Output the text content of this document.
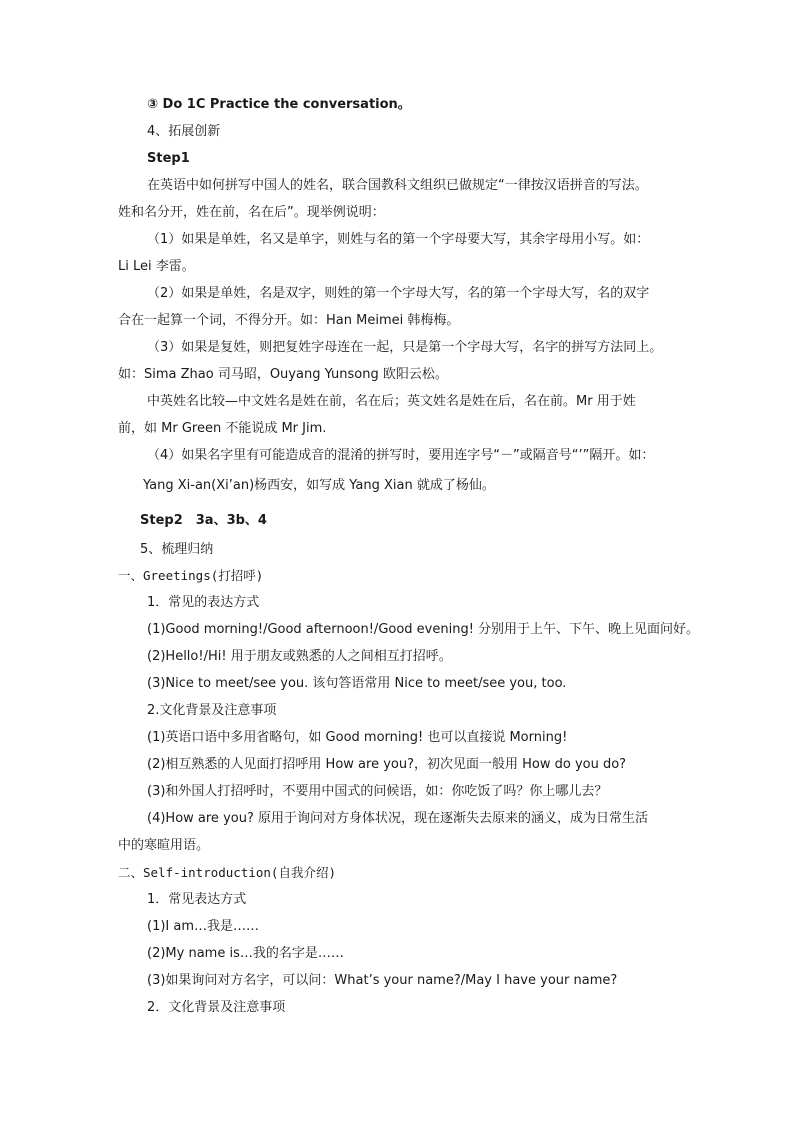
③ Do 1C Practice the conversation。
4、拓展创新
Step1
在英语中如何拼写中国人的姓名，联合国教科文组织已做规定“一律按汉语拼音的写法。
姓和名分开，姓在前，名在后”。现举例说明：
（1）如果是单姓，名又是单字，则姓与名的第一个字母要大写，其余字母用小写。如：
Li Lei 李雷。
（2）如果是单姓，名是双字，则姓的第一个字母大写，名的第一个字母大写，名的双字
合在一起算一个词，不得分开。如：Han Meimei 韩梅梅。
（3）如果是复姓，则把复姓字母连在一起，只是第一个字母大写，名字的拼写方法同上。
如：Sima Zhao 司马昭，Ouyang Yunsong 欧阳云松。
中英姓名比较—中文姓名是姓在前，名在后；英文姓名是姓在后，名在前。Mr 用于姓
前，如 Mr Green 不能说成 Mr Jim.
（4）如果名字里有可能造成音的混淆的拼写时，要用连字号“－”或隔音号“’”隔开。如：
Yang Xi-an(Xi’an)杨西安，如写成 Yang Xian 就成了杨仙。
Step2　3a、3b、4
5、梳理归纳
一、Greetings(打招呼)
1．常见的表达方式
(1)Good morning!/Good afternoon!/Good evening! 分别用于上午、下午、晚上见面问好。
(2)Hello!/Hi! 用于朋友或熟悉的人之间相互打招呼。
(3)Nice to meet/see you. 该句答语常用 Nice to meet/see you, too.
2.文化背景及注意事项
(1)英语口语中多用省略句，如 Good morning! 也可以直接说 Morning!
(2)相互熟悉的人见面打招呼用 How are you?，初次见面一般用 How do you do?
(3)和外国人打招呼时，不要用中国式的问候语，如：你吃饭了吗？你上哪儿去？
(4)How are you? 原用于询问对方身体状况，现在逐渐失去原来的涵义，成为日常生活
中的寒暄用语。
二、Self-introduction(自我介绍)
1．常见表达方式
(1)I am…我是……
(2)My name is…我的名字是……
(3)如果询问对方名字，可以问：What’s your name?/May I have your name?
2．文化背景及注意事项
